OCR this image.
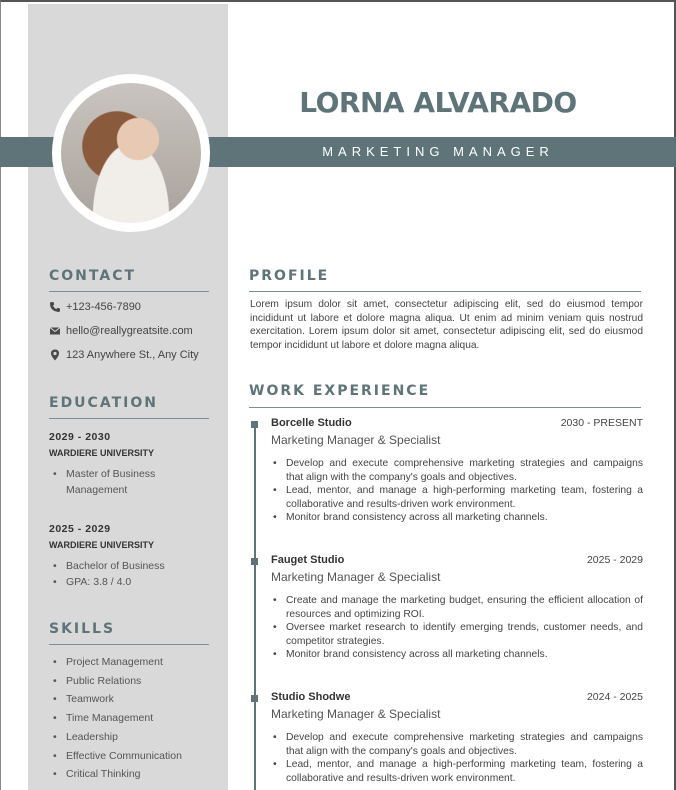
LORNA ALVARADO
MARKETING MANAGER
CONTACT
+123-456-7890
hello@reallygreatsite.com
123 Anywhere St., Any City
EDUCATION
2029 - 2030
WARDIERE UNIVERSITY
• Master of Business
Management
2025 - 2029
WARDIERE UNIVERSITY
• Bachelor of Business
• GPA: 3.8 / 4.0
SKILLS
• Project Management
• Public Relations
• Teamwork
• Time Management
• Leadership
• Effective Communication
• Critical Thinking
PROFILE
Lorem ipsum dolor sit amet, consectetur adipiscing elit, sed do eiusmod tempor incididunt ut labore et dolore magna aliqua. Ut enim ad minim veniam quis nostrud exercitation. Lorem ipsum dolor sit amet, consectetur adipiscing elit, sed do eiusmod tempor incididunt ut labore et dolore magna aliqua.
WORK EXPERIENCE
Borcelle Studio	2030 - PRESENT
Marketing Manager & Specialist
• Develop and execute comprehensive marketing strategies and campaigns that align with the company's goals and objectives.
• Lead, mentor, and manage a high-performing marketing team, fostering a collaborative and results-driven work environment.
• Monitor brand consistency across all marketing channels.
Fauget Studio	2025 - 2029
Marketing Manager & Specialist
• Create and manage the marketing budget, ensuring the efficient allocation of resources and optimizing ROI.
• Oversee market research to identify emerging trends, customer needs, and competitor strategies.
• Monitor brand consistency across all marketing channels.
Studio Shodwe	2024 - 2025
Marketing Manager & Specialist
• Develop and execute comprehensive marketing strategies and campaigns that align with the company's goals and objectives.
• Lead, mentor, and manage a high-performing marketing team, fostering a collaborative and results-driven work environment.
